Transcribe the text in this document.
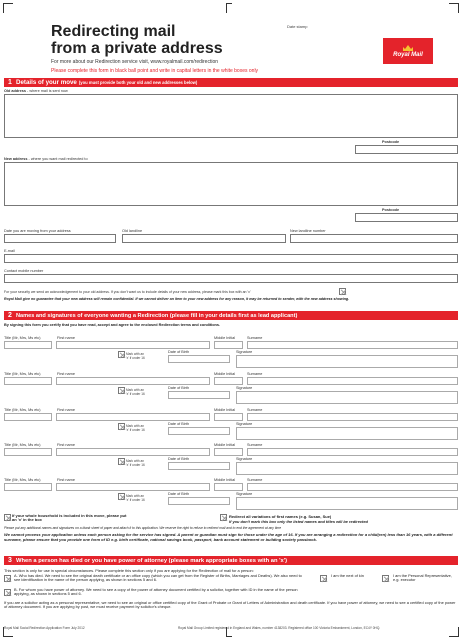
Redirecting mail
from a private address
For more about our Redirection service visit, www.royalmail.com/redirection
Please complete this form in black ball point and write in capital letters in the white boxes only
Date stamp
Royal Mail
1 Details of your move (you must provide both your old and new addresses below)
Old address - where mail is sent now
Postcode
New address - where you want mail redirected to
Postcode
Date you are moving from your address	Old landline	New landline number
E-mail
Contact mobile number
For your security we send an acknowledgement to your old address. If you don't want us to include details of your new address, please mark this box with an 'x'
Royal Mail give no guarantee that your new address will remain confidential. If we cannot deliver an item to your new address for any reason, it may be returned to sender, with the new address showing.
2 Names and signatures of everyone wanting a Redirection (please fill in your details first as lead applicant)
By signing this form you certify that you have read, accept and agree to the enclosed Redirection terms and conditions.
Title (Mr, Mrs, Ms etc)	First name	Middle Initial	Surname
Mark with an
'x' if under 16
Date of Birth	Signature
Title (Mr, Mrs, Ms etc)	First name	Middle Initial	Surname
Mark with an
'x' if under 16
Date of Birth	Signature
Title (Mr, Mrs, Ms etc)	First name	Middle Initial	Surname
Mark with an
'x' if under 16
Date of Birth	Signature
Title (Mr, Mrs, Ms etc)	First name	Middle Initial	Surname
Mark with an
'x' if under 16
Date of Birth	Signature
Title (Mr, Mrs, Ms etc)	First name	Middle Initial	Surname
Mark with an
'x' if under 16
Date of Birth	Signature
If your whole household is included in this move, please put an 'x' in the box
Redirect all variations of first names (e.g. Susan, Sue)
If you don't mark this box only the listed names and titles will be redirected
Please put any additional names and signatures on a blank sheet of paper and attach it to this application. We reserve the right to refuse to redirect mail and to end the agreement at any time
We cannot process your application unless each person asking for the service has signed. A parent or guardian must sign for those under the age of 16. If you are arranging a redirection for a child(ren) less than 16 years, with a different surname, please ensure that you provide one form of ID e.g. birth certificate, national savings book, passport, bank account statement or building society passbook.
3 When a person has died or you have power of attorney (please mark appropriate boxes with an 'x')
This section is only for use in special circumstances. Please complete this section only if you are applying for the Redirection of mail for a person:
A. Who has died. We need to see the original death certificate or an office copy (which you can get from the Register of Births, Marriages and Deaths). We also need to see identification in the name of the person applying, as shown in sections 5 and 6.
B. For whom you have power of attorney. We need to see a copy of the power of attorney document certified by a solicitor, together with ID in the name of the person applying, as shown in sections 5 and 6.
I am the next of kin	I am the Personal Representative, e.g. executor
If you are a solicitor acting as a personal representative, we need to see an original or office certified copy of the Grant of Probate or Grant of Letters of Administration and death certificate. If you have power of attorney, we need to see a certified copy of the power of attorney document. If you are applying by post, we must receive payment by solicitor's cheque.
Royal Mail Social Redirection Application Form July 2012	Royal Mail Group Limited registered in England and Wales, number 4138203. Registered office 100 Victoria Embankment, London, EC4Y 0HQ.
